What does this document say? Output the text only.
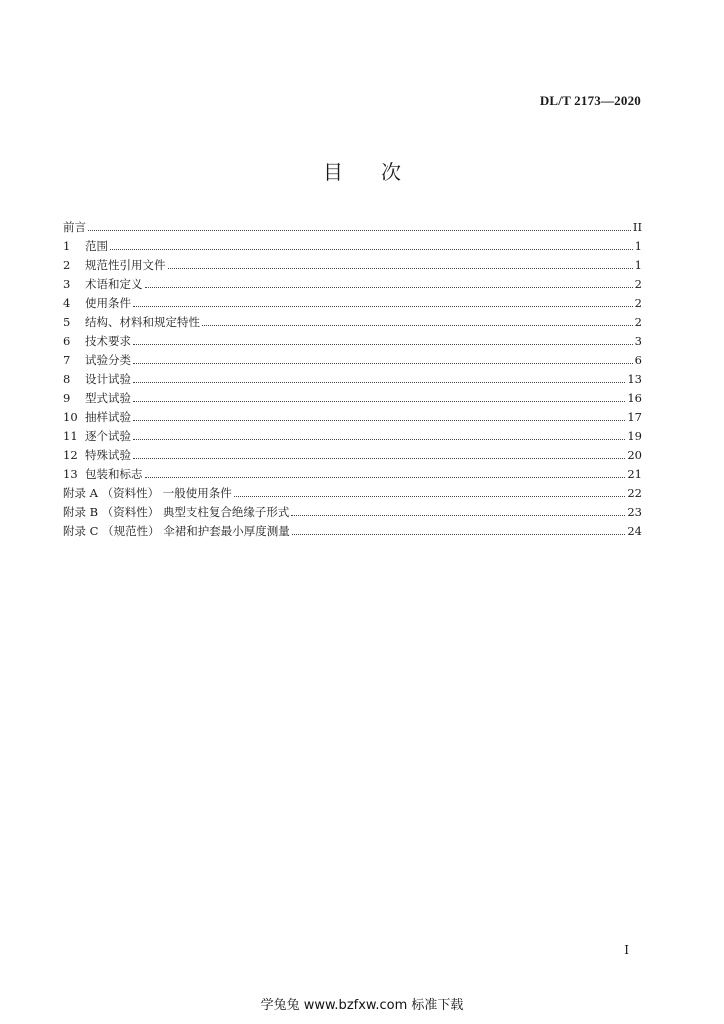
DL/T 2173—2020
目 次
前言	II
1	范围	1
2	规范性引用文件	1
3	术语和定义	2
4	使用条件	2
5	结构、材料和规定特性	2
6	技术要求	3
7	试验分类	6
8	设计试验	13
9	型式试验	16
10 抽样试验	17
11 逐个试验	19
12 特殊试验	20
13 包装和标志	21
附录 A （资料性） 一般使用条件	22
附录 B （资料性） 典型支柱复合绝缘子形式	23
附录 C （规范性） 伞裙和护套最小厚度测量	24
I
学兔兔 www.bzfxw.com 标准下载
